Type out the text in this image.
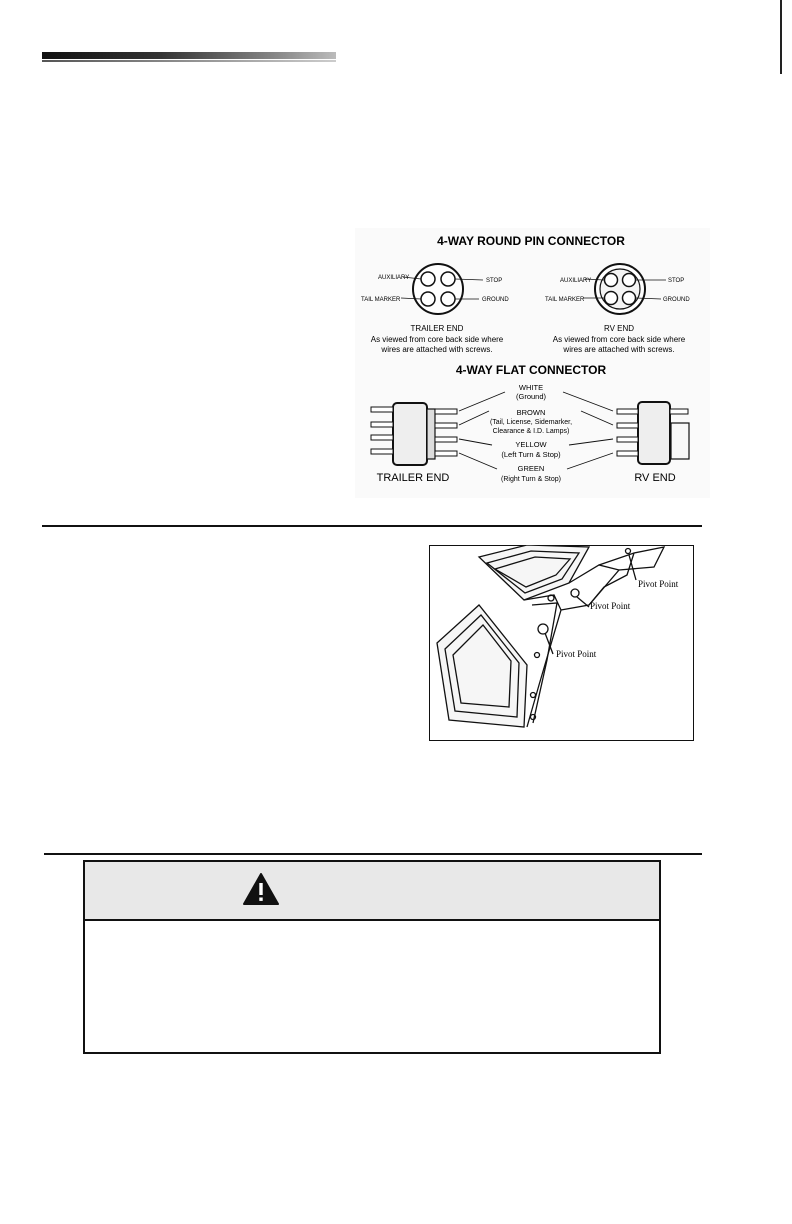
4-WAY ROUND PIN CONNECTOR
AUXILIARY	STOP
TAIL MARKER	GROUND
TRAILER END
As viewed from core back side where
wires are attached with screws.
AUXILIARY	STOP
TAIL MARKER	GROUND
RV END
As viewed from core back side where
wires are attached with screws.
4-WAY FLAT CONNECTOR
WHITE
(Ground)
BROWN
(Tail, License, Sidemarker,
Clearance & I.D. Lamps)
YELLOW
(Left Turn & Stop)
GREEN
(Right Turn & Stop)
TRAILER END	RV END
Pivot Point
Pivot Point
Pivot Point
